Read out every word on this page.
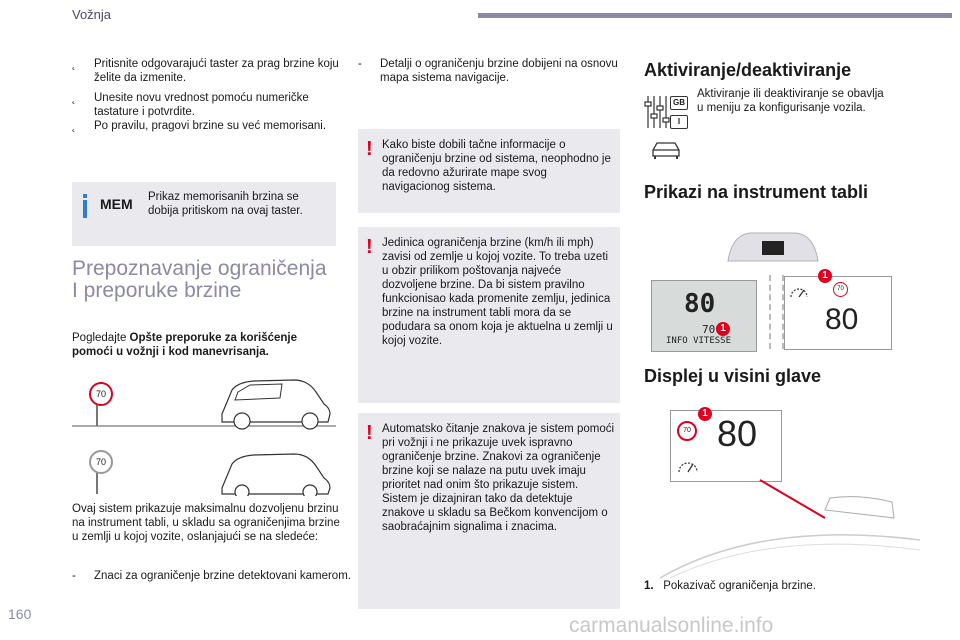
Vožnja
160	carmanualsonline.info
˛ Pritisnite odgovarajući taster za prag brzine koju želite da izmenite.
˛ Unesite novu vrednost pomoću numeričke tastature i potvrdite.
˛ Po pravilu, pragovi brzine su već memorisani.
MEM Prikaz memorisanih brzina se dobija pritiskom na ovaj taster.
Prepoznavanje ograničenja I preporuke brzine
Pogledajte Opšte preporuke za korišćenje pomoći u vožnji i kod manevrisanja.
70
70
Ovaj sistem prikazuje maksimalnu dozvoljenu brzinu na instrument tabli, u skladu sa ograničenjima brzine u zemlji u kojoj vozite, oslanjajući se na sledeće:
- Znaci za ograničenje brzine detektovani kamerom.
- Detalji o ograničenju brzine dobijeni na osnovu mapa sistema navigacije.
! Kako biste dobili tačne informacije o ograničenju brzine od sistema, neophodno je da redovno ažurirate mape svog navigacionog sistema.
! Jedinica ograničenja brzine (km/h ili mph) zavisi od zemlje u kojoj vozite. To treba uzeti u obzir prilikom poštovanja najveće dozvoljene brzine. Da bi sistem pravilno funkcionisao kada promenite zemlju, jedinica brzine na instrument tabli mora da se podudara sa onom koja je aktuelna u zemlji u kojoj vozite.
! Automatsko čitanje znakova je sistem pomoći pri vožnji i ne prikazuje uvek ispravno ograničenje brzine. Znakovi za ograničenje brzine koji se nalaze na putu uvek imaju prioritet nad onim što prikazuje sistem. Sistem je dizajniran tako da detektuje znakove u skladu sa Bečkom konvencijom o saobraćajnim signalima i znacima.
Aktiviranje/deaktiviranje
GB
I
Aktiviranje ili deaktiviranje se obavlja u meniju za konfigurisanje vozila.
Prikazi na instrument tabli
80
70
INFO VITESSE
1
70
80
1
Displej u visini glave
70
1 80
1. Pokazivač ograničenja brzine.
